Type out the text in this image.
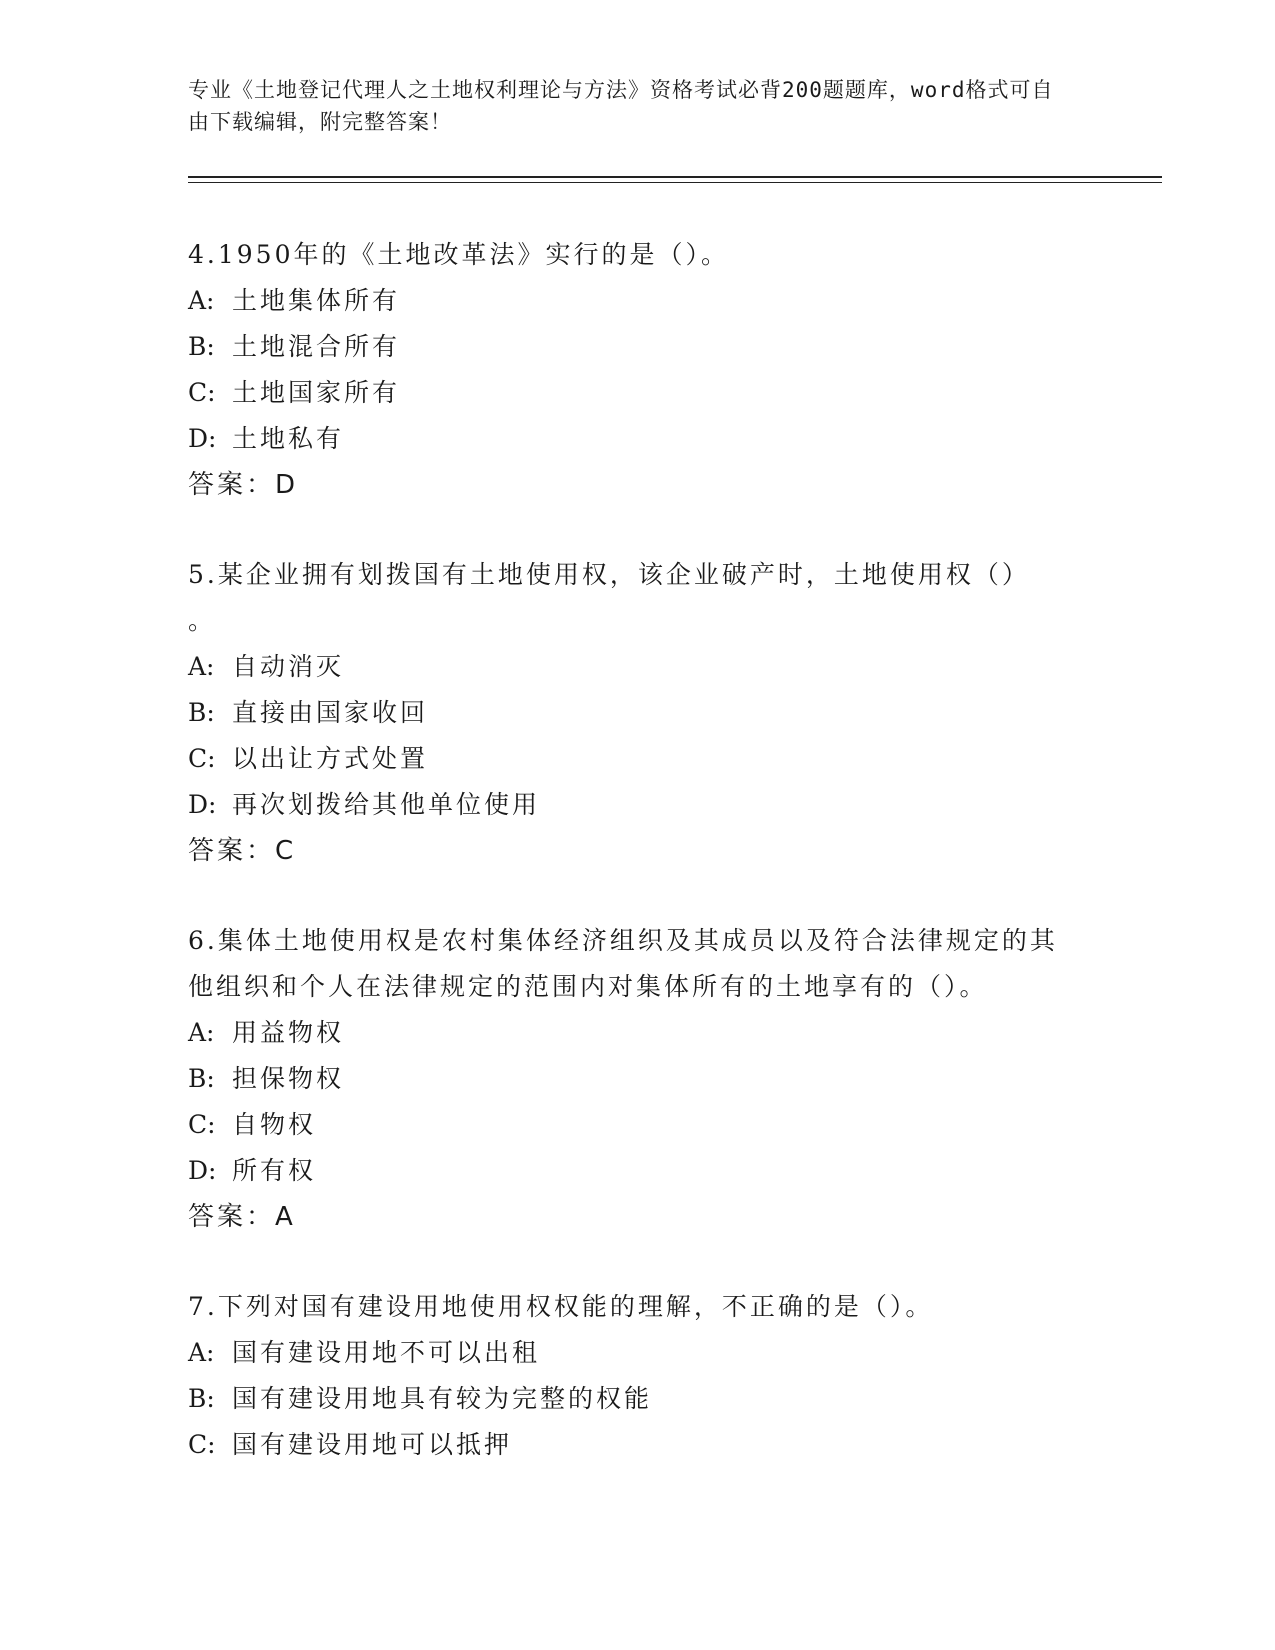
专业《土地登记代理人之土地权利理论与方法》资格考试必背200题题库，word格式可自由下载编辑，附完整答案！
4.1950年的《土地改革法》实行的是（）。
A: 土地集体所有
B: 土地混合所有
C: 土地国家所有
D: 土地私有
答案：D
5.某企业拥有划拨国有土地使用权，该企业破产时，土地使用权（）
。
A: 自动消灭
B: 直接由国家收回
C: 以出让方式处置
D: 再次划拨给其他单位使用
答案：C
6.集体土地使用权是农村集体经济组织及其成员以及符合法律规定的其他组织和个人在法律规定的范围内对集体所有的土地享有的（）。
A: 用益物权
B: 担保物权
C: 自物权
D: 所有权
答案：A
7.下列对国有建设用地使用权权能的理解，不正确的是（）。
A: 国有建设用地不可以出租
B: 国有建设用地具有较为完整的权能
C: 国有建设用地可以抵押
